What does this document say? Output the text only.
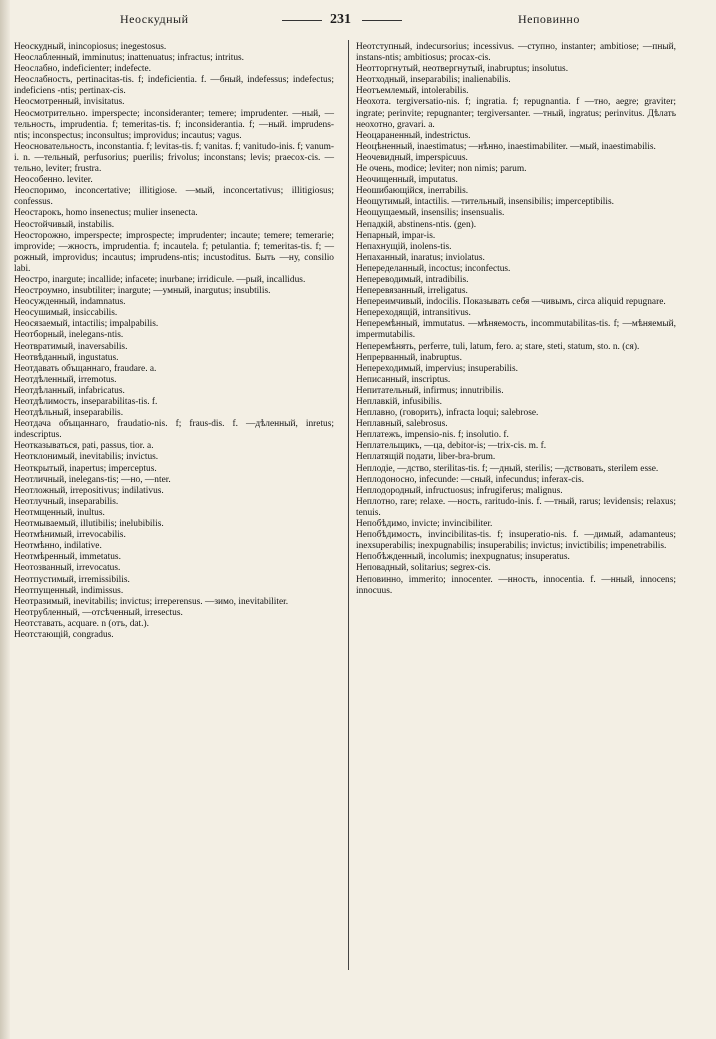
Неоскудный	231	Неповинно
Неоскудный, ininсopiosus; inegestosus.
Неоcлабленный, imminutus; inattenuatus; infractus; intritus.
Неослабно, indeficienter; indefecte.
Неослабность, pertinacitas-tis. f; indeficientia. f. —бный, indefessus; indefectus; indeficiens -ntis; pertinax-cis.
Неосмотренный, invisitatus.
Неосмотрительно. imperspecte; inconsideranter; temere; imprudenter. —ный, —тельность, imprudentia. f; temeritas-tis. f; inconsiderantia. f; —ный. imprudens-ntis; inconspectus; inconsultus; improvidus; incautus; vagus.
Неосновательность, inconstantia. f; levitas-tis. f; vanitas. f; vanitudo-inis. f; vanum-i. n. —тельный, perfusorius; puerilis; frivolus; inconstans; levis; praecox-cis. —тельно, leviter; frustra.
Неособенно. leviter.
Неоспоримо, inconcertative; illitigiose. —мый, inconcertativus; illitigiosus; confessus.
Неостарокъ, homo insenectus; mulier insenecta.
Неостойчивый, instabilis.
Неосторожно, imperspecte; improspecte; imprudenter; incaute; temere; temerarie; improvide; —жность, imprudentia. f; incautela. f; petulantia. f; temeritas-tis. f; —рожный, improvidus; incautus; imprudens-ntis; incustoditus. Быть —ну, consilio labi.
Неостро, inargute; incallide; infacete; inurbane; irridicule. —рый, incallidus.
Неостроумно, insubtiliter; inargute; —умный, inargutus; insubtilis.
Неосужденный, indamnatus.
Неосушимый, insiccabilis.
Неосязаемый, intactilis; impalpabilis.
Неотборный, inelegans-ntis.
Неотвратимый, inaversabilis.
Неотвѣданный, ingustatus.
Неотдавать объщаннаго, fraudare. a.
Неотдѣленный, irremotus.
Неотдѣланный, infabricatus.
Неотдѣлимость, inseparabilitas-tis. f.
Неотдѣльный, inseparabilis.
Неотдача объщаннаго, fraudatio-nis. f; fraus-dis. f. —дѣленный, inretus; indescriptus.
Неотказываться, pati, passus, tior. a.
Неотклонимый, inevitabilis; invictus.
Неоткрытый, inapertus; imperceptus.
Неотличный, inelegans-tis; —но, —nter.
Неотложный, irrepositivus; indilativus.
Неотлучный, inseparabilis.
Неотмщенный, inultus.
Неотмываемый, illutibilis; inelubibilis.
Неотмѣнимый, irrevocabilis.
Неотмѣнно, indilative.
Неотмѣренный, immetatus.
Неотозванный, irrevocatus.
Неотпустимый, irremissibilis.
Неотпущенный, indimissus.
Неотразимый, inevitabilis; invictus; irreperensus. —зимо, inevitabiliter.
Неотрубленный, —отсѣченный, irresectus.
Неотставать, acquare. n (отъ, dat.).
Неотстающій, congradus.
Неотступный, indecursorius; incessivus. —ступно, instanter; ambitiose; —пный, instans-ntis; ambitiosus; procax-cis.
Неотторгнутый, неотвергнутый, inabruptus; insolutus.
Неотходный, inseparabilis; inalienabilis.
Неотъемлемый, intolerabilis.
Неохота. tergiversatio-nis. f; ingratia. f; repugnantia. f —тно, aegre; graviter; ingrate; perinvite; repugnanter; tergiversanter. —тный, ingratus; perinvitus. Дѣлать неохотно, gravari. a.
Неоцараненный, indestrictus.
Неоцѣненный, inaestimatus; —нѣнно, inaestimabiliter. —мый, inaestimabilis.
Неочевидный, imperspicuus.
Не очень, modice; leviter; non nimis; parum.
Неочищенный, imputatus.
Неошибающійся, inerrabilis.
Неощутимый, intactilis. —тительный, insensibilis; imperceptibilis.
Неощущаемый, insensilis; insensualis.
Непадкій, abstinens-ntis. (gen).
Непарный, impar-is.
Непахнущій, inolens-tis.
Непаханный, inaratus; inviolatus.
Непеределанный, incoctus; inconfectus.
Непереводимый, intradibilis.
Неперевязанный, irreligatus.
Непереимчивый, indocilis. Показывать себя —чивымъ, circa aliquid repugnare.
Непереходящій, intransitivus.
Неперемѣнный, immutatus. —мѣняемость, incommutabilitas-tis. f; —мѣняемый, impermutabilis.
Неперемѣнять, perferre, tuli, latum, fero. a; stare, steti, statum, sto. n. (ся).
Непрерванный, inabruptus.
Непереходимый, impervius; insuperabilis.
Неписанный, inscriptus.
Непитательный, infirmus; innutribilis.
Неплавкій, infusibilis.
Неплавно, (говорить), infracta loqui; salebrose.
Неплавный, salebrosus.
Неплатежъ, impensio-nis. f; insolutio. f.
Неплательщикъ, —ца, debitor-is; —trix-cis. m. f.
Неплатящій подати, liber-bra-brum.
Неплодіе, —дство, sterilitas-tis. f; —дный, sterilis; —дствовать, sterilem esse.
Неплодоносно, infecunde: —сный, infecundus; inferax-cis.
Неплодородный, infructuosus; infrugiferus; malignus.
Неплотно, rare; relaxe. —ность, raritudo-inis. f. —тный, rarus; levidensis; relaxus; tenuis.
Непобѣдимо, invicte; invincibiliter.
Непобѣдимость, invincibilitas-tis. f; insuperatio-nis. f. —димый, adamanteus; inexsuperabilis; inexpugnabilis; insuperabilis; invictus; invictibilis; impenetrabilis.
Непобѣжденный, incolumis; inexpugnatus; insuperatus.
Неповадный, solitarius; segrex-cis.
Неповинно, immerito; innocenter. —нность, innocentia. f. —нный, innocens; innocuus.
